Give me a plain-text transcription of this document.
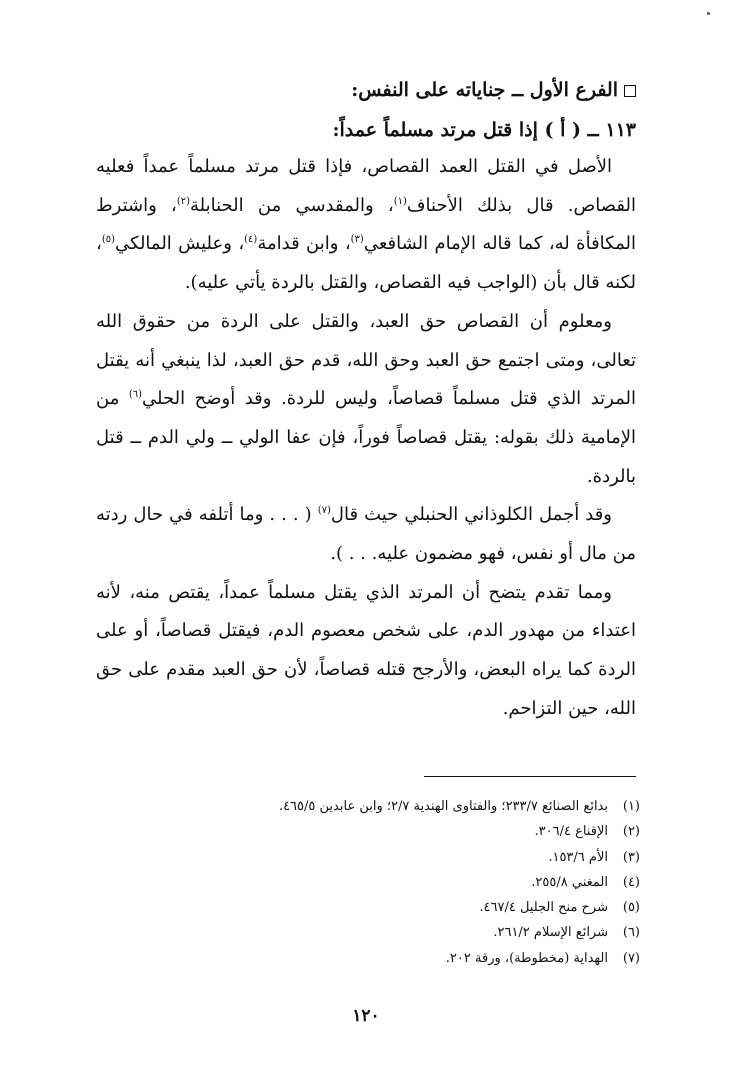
الفرع الأول ــ جناياته على النفس:
١١٣ ــ ( أ ) إذا قتل مرتد مسلماً عمداً:

الأصل في القتل العمد القصاص، فإذا قتل مرتد مسلماً عمداً فعليه القصاص. قال بذلك الأحناف$^{(١)}$، والمقدسي من الحنابلة$^{(٢)}$، واشترط المكافأة له، كما قاله الإمام الشافعي$^{(٣)}$، وابن قدامة$^{(٤)}$، وعليش المالكي$^{(٥)}$، لكنه قال بأن (الواجب فيه القصاص، والقتل بالردة يأتي عليه).

ومعلوم أن القصاص حق العبد، والقتل على الردة من حقوق الله تعالى، ومتى اجتمع حق العبد وحق الله، قدم حق العبد، لذا ينبغي أنه يقتل المرتد الذي قتل مسلماً قصاصاً، وليس للردة. وقد أوضح الحلي$^{(٦)}$ من الإمامية ذلك بقوله: يقتل قصاصاً فوراً، فإن عفا الولي ــ ولي الدم ــ قتل بالردة.

وقد أجمل الكلوذاني الحنبلي حيث قال$^{(٧)}$ ( . . . وما أتلفه في حال ردته من مال أو نفس، فهو مضمون عليه. . . ).

ومما تقدم يتضح أن المرتد الذي يقتل مسلماً عمداً، يقتص منه، لأنه اعتداء من مهدور الدم، على شخص معصوم الدم، فيقتل قصاصاً، أو على الردة كما يراه البعض، والأرجح قتله قصاصاً، لأن حق العبد مقدم على حق الله، حين التزاحم.

(١)بدائع الصنائع ٢٣٣/٧؛ والفتاوى الهندية ٢/٧؛ وابن عابدين ٤٦٥/٥.
(٢)الإقناع ٣٠٦/٤.
(٣)الأم ١٥٣/٦.
(٤)المغني ٢٥٥/٨.
(٥)شرح منح الجليل ٤٦٧/٤.
(٦)شرائع الإسلام ٢٦١/٢.
(٧)الهداية (مخطوطة)، ورقة ٢٠٢.
١٢٠
